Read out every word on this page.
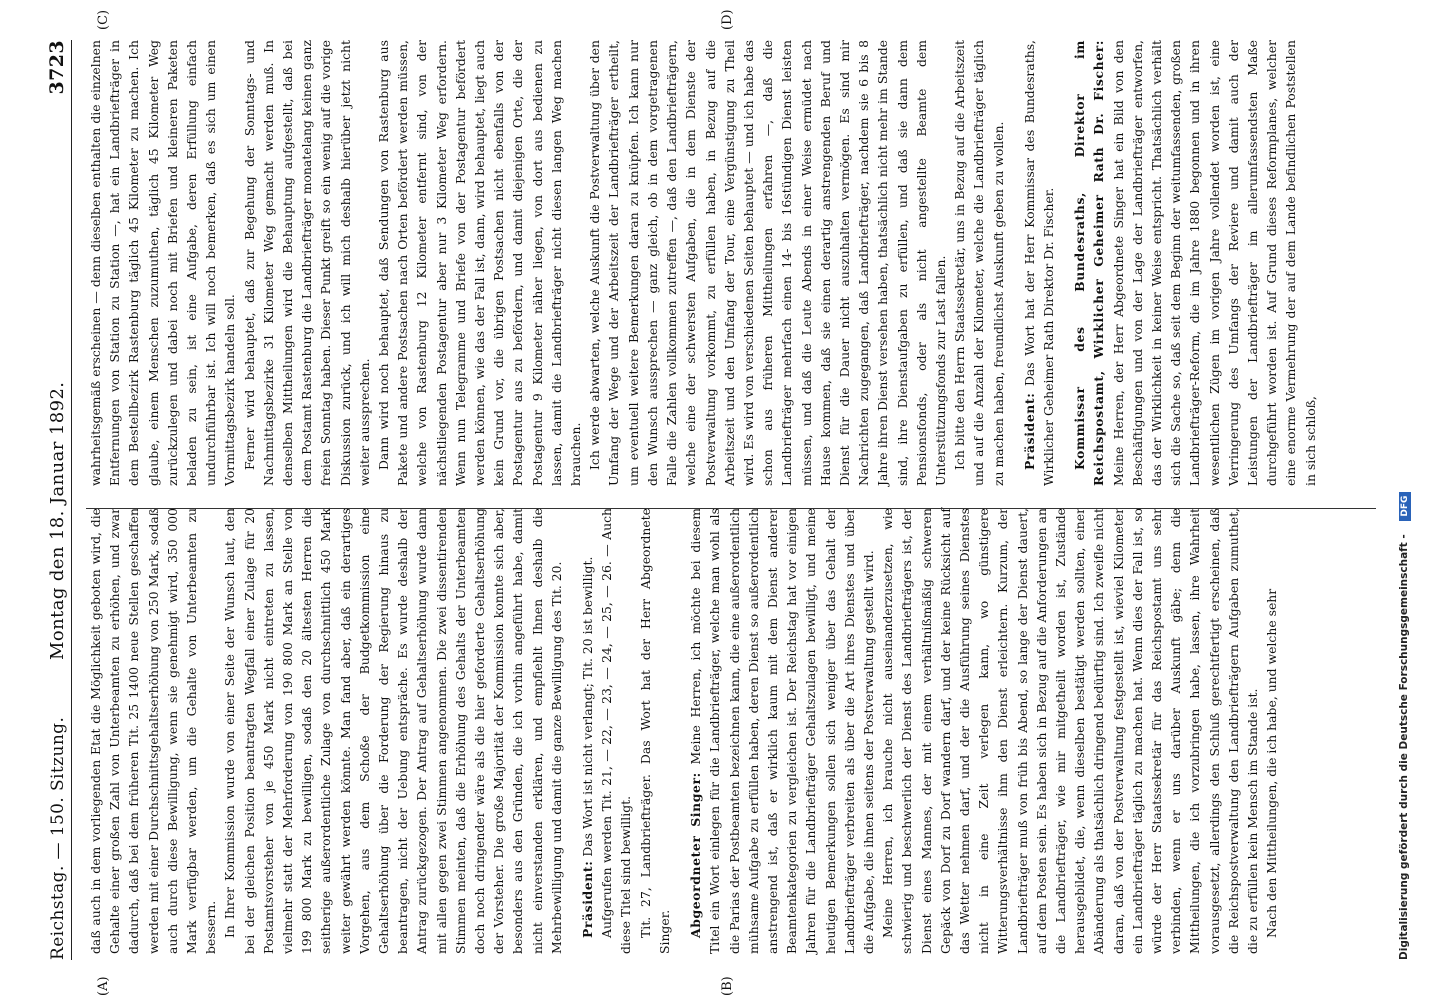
Reichstag. — 150. Sitzung.
Montag den 18. Januar 1892.
3723
(A)	(B)
(C)	(D)

daß auch in dem vorliegenden Etat die Möglichkeit geboten wird, die Gehalte einer großen Zahl von Unterbeamten zu erhöhen, und zwar dadurch, daß bei dem früheren Tit. 25 1400 neue Stellen geschaffen werden mit einer Durchschnittsgehaltserhöhung von 250 Mark, sodaß auch durch diese Bewilligung, wenn sie genehmigt wird, 350 000 Mark verfügbar werden, um die Gehalte von Unterbeamten zu bessern. In Ihrer Kommission wurde von einer Seite der Wunsch laut, den bei der gleichen Position beantragten Wegfall einer Zulage für 20 Postamtsvorsteher von je 450 Mark nicht eintreten zu lassen, vielmehr statt der Mehrforderung von 190 800 Mark an Stelle von 199 800 Mark zu bewilligen, sodaß den 20 ältesten Herren die seitherige außerordentliche Zulage von durchschnittlich 450 Mark weiter gewährt werden könnte. Man fand aber, daß ein derartiges Vorgehen, aus dem Schoße der Budgetkommission eine Gehaltserhöhung über die Forderung der Regierung hinaus zu beantragen, nicht der Uebung entspräche. Es wurde deshalb der Antrag zurückgezogen. Der Antrag auf Gehaltserhöhung wurde dann mit allen gegen zwei Stimmen angenommen. Die zwei dissentirenden Stimmen meinten, daß die Erhöhung des Gehalts der Unterbeamten doch noch dringender wäre als die hier geforderte Gehaltserhöhung der Vorsteher. Die große Majorität der Kommission konnte sich aber, besonders aus den Gründen, die ich vorhin angeführt habe, damit nicht einverstanden erklären, und empfiehlt Ihnen deshalb die Mehrbewilligung und damit die ganze Bewilligung des Tit. 20. Präsident: Das Wort ist nicht verlangt; Tit. 20 ist bewilligt. Aufgerufen werden Tit. 21, — 22, — 23, — 24, — 25, — 26. — Auch diese Titel sind bewilligt. Tit. 27, Landbriefträger. Das Wort hat der Herr Abgeordnete Singer. Abgeordneter Singer: Meine Herren, ich möchte bei diesem Titel ein Wort einlegen für die Landbriefträger, welche man wohl als die Parias der Postbeamten bezeichnen kann, die eine außerordentlich mühsame Aufgabe zu erfüllen haben, deren Dienst so außerordentlich anstrengend ist, daß er wirklich kaum mit dem Dienst anderer Beamtenkategorien zu vergleichen ist. Der Reichstag hat vor einigen Jahren für die Landbriefträger Gehaltszulagen bewilligt, und meine heutigen Bemerkungen sollen sich weniger über das Gehalt der Landbriefträger verbreiten als über die Art ihres Dienstes und über die Aufgabe, die ihnen seitens der Postverwaltung gestellt wird. Meine Herren, ich brauche nicht auseinanderzusetzen, wie schwierig und beschwerlich der Dienst des Landbriefträgers ist, der Dienst eines Mannes, der mit einem verhältnißmäßig schweren Gepäck von Dorf zu Dorf wandern darf, und der keine Rücksicht auf das Wetter nehmen darf, und der die Ausführung seines Dienstes nicht in eine Zeit verlegen kann, wo günstigere Witterungsverhältnisse ihm den Dienst erleichtern. Kurzum, der Landbriefträger muß von früh bis Abend, so lange der Dienst dauert, auf dem Posten sein. Es haben sich in Bezug auf die Anforderungen an die Landbriefträger, wie mir mitgetheilt worden ist, Zustände herausgebildet, die, wenn dieselben bestätigt werden sollten, einer Abänderung als thatsächlich dringend bedürftig sind. Ich zweifle nicht daran, daß von der Postverwaltung festgestellt ist, wieviel Kilometer ein Landbriefträger täglich zu machen hat. Wenn dies der Fall ist, so würde der Herr Staatssekretär für das Reichspostamt uns sehr verbinden, wenn er uns darüber Auskunft gäbe; denn die Mittheilungen, die ich vorzubringen habe, lassen, ihre Wahrheit vorausgesetzt, allerdings den Schluß gerechtfertigt erscheinen, daß die Reichspostverwaltung den Landbriefträgern Aufgaben zumuthet, die zu erfüllen kein Mensch im Stande ist. Nach den Mittheilungen, die ich habe, und welche sehr

wahrheitsgemäß erscheinen — denn dieselben enthalten die einzelnen Entfernungen von Station zu Station —, hat ein Landbriefträger in dem Bestellbezirk Rastenburg täglich 45 Kilometer zu machen. Ich glaube, einem Menschen zuzumuthen, täglich 45 Kilometer Weg zurückzulegen und dabei noch mit Briefen und kleineren Paketen beladen zu sein, ist eine Aufgabe, deren Erfüllung einfach undurchführbar ist. Ich will noch bemerken, daß es sich um einen Vormittagsbezirk handeln soll. Ferner wird behauptet, daß zur Begehung der Sonntags- und Nachmittagsbezirke 31 Kilometer Weg gemacht werden muß. In denselben Mittheilungen wird die Behauptung aufgestellt, daß bei dem Postamt Rastenburg die Landbriefträger monatelang keinen ganz freien Sonntag haben. Dieser Punkt greift so ein wenig auf die vorige Diskussion zurück, und ich will mich deshalb hierüber jetzt nicht weiter aussprechen. Dann wird noch behauptet, daß Sendungen von Rastenburg aus Pakete und andere Postsachen nach Orten befördert werden müssen, welche von Rastenburg 12 Kilometer entfernt sind, von der nächstliegenden Postagentur aber nur 3 Kilometer Weg erfordern. Wenn nun Telegramme und Briefe von der Postagentur befördert werden können, wie das der Fall ist, dann, wird behauptet, liegt auch kein Grund vor, die übrigen Postsachen nicht ebenfalls von der Postagentur aus zu befördern, und damit diejenigen Orte, die der Postagentur 9 Kilometer näher liegen, von dort aus bedienen zu lassen, damit die Landbriefträger nicht diesen langen Weg machen brauchen. Ich werde abwarten, welche Auskunft die Postverwaltung über den Umfang der Wege und der Arbeitszeit der Landbriefträger ertheilt, um eventuell weitere Bemerkungen daran zu knüpfen. Ich kann nur den Wunsch aussprechen — ganz gleich, ob in dem vorgetragenen Falle die Zahlen vollkommen zutreffen —, daß den Landbriefträgern, welche eine der schwersten Aufgaben, die in dem Dienste der Postverwaltung vorkommt, zu erfüllen haben, in Bezug auf die Arbeitszeit und den Umfang der Tour, eine Vergünstigung zu Theil wird. Es wird von verschiedenen Seiten behauptet — und ich habe das schon aus früheren Mittheilungen erfahren —, daß die Landbriefträger mehrfach einen 14- bis 16stündigen Dienst leisten müssen, und daß die Leute Abends in einer Weise ermüdet nach Hause kommen, daß sie einen derartig anstrengenden Beruf und Dienst für die Dauer nicht auszuhalten vermögen. Es sind mir Nachrichten zugegangen, daß Landbriefträger, nachdem sie 6 bis 8 Jahre ihren Dienst versehen haben, thatsächlich nicht mehr im Stande sind, ihre Dienstaufgaben zu erfüllen, und daß sie dann dem Pensionsfonds, oder als nicht angestellte Beamte dem Unterstützungsfonds zur Last fallen. Ich bitte den Herrn Staatssekretär, uns in Bezug auf die Arbeitszeit und auf die Anzahl der Kilometer, welche die Landbriefträger täglich zu machen haben, freundlichst Auskunft geben zu wollen. Präsident: Das Wort hat der Herr Kommissar des Bundesraths, Wirklicher Geheimer Rath Direktor Dr. Fischer. Kommissar des Bundesraths, Direktor im Reichspostamt, Wirklicher Geheimer Rath Dr. Fischer: Meine Herren, der Herr Abgeordnete Singer hat ein Bild von den Beschäftigungen und von der Lage der Landbriefträger entworfen, das der Wirklichkeit in keiner Weise entspricht. Thatsächlich verhält sich die Sache so, daß seit dem Beginn der weitumfassenden, großen Landbriefträger-Reform, die im Jahre 1880 begonnen und in ihren wesentlichen Zügen im vorigen Jahre vollendet worden ist, eine Verringerung des Umfangs der Reviere und damit auch der Leistungen der Landbriefträger im allerumfassendsten Maße durchgeführt worden ist. Auf Grund dieses Reformplanes, welcher eine enorme Vermehrung der auf dem Lande befindlichen Poststellen in sich schloß,

Digitalisierung gefördert durch die Deutsche Forschungsgemeinschaft - DFG
